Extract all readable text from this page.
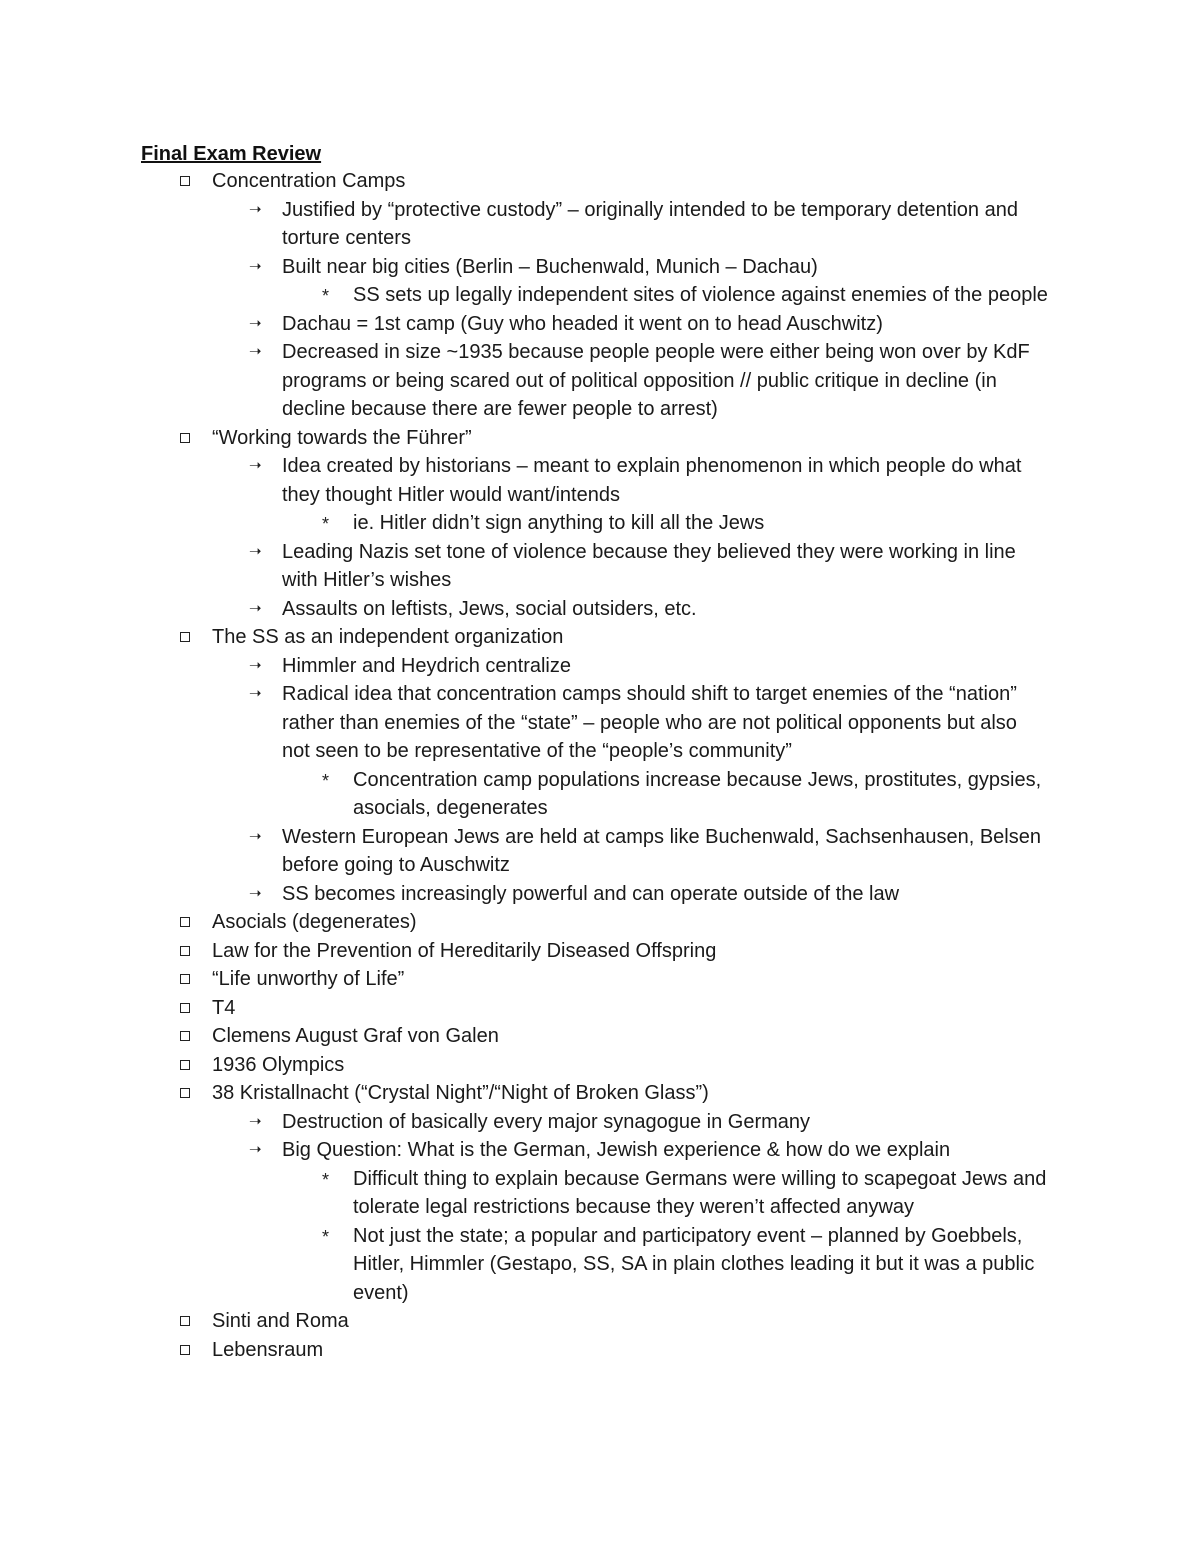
Final Exam Review
Concentration Camps
➝ Justified by “protective custody” – originally intended to be temporary detention and torture centers
➝ Built near big cities (Berlin – Buchenwald, Munich – Dachau)
* SS sets up legally independent sites of violence against enemies of the people
➝ Dachau = 1st camp (Guy who headed it went on to head Auschwitz)
➝ Decreased in size ~1935 because people people were either being won over by KdF programs or being scared out of political opposition // public critique in decline (in decline because there are fewer people to arrest)
“Working towards the Führer”
➝ Idea created by historians – meant to explain phenomenon in which people do what they thought Hitler would want/intends
* ie. Hitler didn’t sign anything to kill all the Jews
➝ Leading Nazis set tone of violence because they believed they were working in line with Hitler’s wishes
➝ Assaults on leftists, Jews, social outsiders, etc.
The SS as an independent organization
➝ Himmler and Heydrich centralize
➝ Radical idea that concentration camps should shift to target enemies of the “nation” rather than enemies of the “state” – people who are not political opponents but also not seen to be representative of the “people’s community”
* Concentration camp populations increase because Jews, prostitutes, gypsies, asocials, degenerates
➝ Western European Jews are held at camps like Buchenwald, Sachsenhausen, Belsen before going to Auschwitz
➝ SS becomes increasingly powerful and can operate outside of the law
Asocials (degenerates)
Law for the Prevention of Hereditarily Diseased Offspring
“Life unworthy of Life”
T4
Clemens August Graf von Galen
1936 Olympics
38 Kristallnacht (“Crystal Night”/“Night of Broken Glass”)
➝ Destruction of basically every major synagogue in Germany
➝ Big Question: What is the German, Jewish experience & how do we explain
* Difficult thing to explain because Germans were willing to scapegoat Jews and tolerate legal restrictions because they weren’t affected anyway
* Not just the state; a popular and participatory event – planned by Goebbels, Hitler, Himmler (Gestapo, SS, SA in plain clothes leading it but it was a public event)
Sinti and Roma
Lebensraum
